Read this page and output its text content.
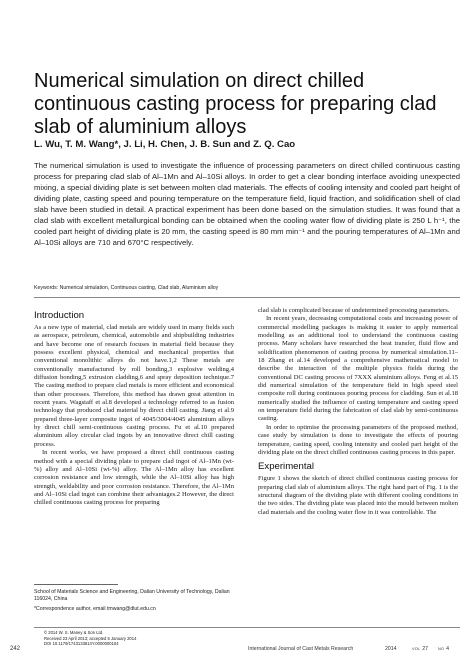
Numerical simulation on direct chilled continuous casting process for preparing clad slab of aluminium alloys

L. Wu, T. M. Wang*, J. Li, H. Chen, J. B. Sun and Z. Q. Cao

The numerical simulation is used to investigate the influence of processing parameters on direct chilled continuous casting process for preparing clad slab of Al–1Mn and Al–10Si alloys. In order to get a clear bonding interface avoiding unexpected mixing, a special dividing plate is set between molten clad materials. The effects of cooling intensity and cooled part height of dividing plate, casting speed and pouring temperature on the temperature field, liquid fraction, and solidification shell of clad slab have been studied in detail. A practical experiment has been done based on the simulation studies. It was found that a clad slab with excellent metallurgical bonding can be obtained when the cooling water flow of dividing plate is 250 L h⁻¹, the cooled part height of dividing plate is 20 mm, the casting speed is 80 mm min⁻¹ and the pouring temperatures of Al–1Mn and Al–10Si alloys are 710 and 670°C respectively.

Keywords: Numerical simulation, Continuous casting, Clad slab, Aluminium alloy

Introduction

As a new type of material, clad metals are widely used in many fields such as aerospace, petroleum, chemical, automobile and shipbuilding industries and have become one of research focuses in material field because they possess excellent physical, chemical and mechanical properties that conventional monolithic alloys do not have.1,2 These metals are conventionally manufactured by roll bonding,3 explosive welding,4 diffusion bonding,5 extrusion cladding,6 and spray deposition technique.7 The casting method to prepare clad metals is more efficient and economical than other processes. Therefore, this method has drawn great attention in recent years. Wagstaff et al.8 developed a technology referred to as fusion technology that produced clad material by direct chill casting. Jiang et al.9 prepared three-layer composite ingot of 4045/3004/4045 aluminium alloys by direct chill semi-continuous casting process. Fu et al.10 prepared aluminium alloy circular clad ingots by an innovative direct chill casting process.

In recent works, we have proposed a direct chill continuous casting method with a special dividing plate to prepare clad ingot of Al–1Mn (wt-%) alloy and Al–10Si (wt-%) alloy. The Al–1Mn alloy has excellent corrosion resistance and low strength, while the Al–10Si alloy has high strength, weldability and poor corrosion resistance. Therefore, the Al–1Mn and Al–10Si clad ingot can combine their advantages.2 However, the direct chilled continuous casting process for preparing

clad slab is complicated because of undetermined processing parameters.

In recent years, decreasing computational costs and increasing power of commercial modelling packages is making it easier to apply numerical modelling as an additional tool to understand the continuous casting process. Many scholars have researched the heat transfer, fluid flow and solidification phenomenon of casting process by numerical simulation.11–18 Zhang et al.14 developed a comprehensive mathematical model to describe the interaction of the multiple physics fields during the conventional DC casting process of 7XXX aluminium alloys. Feng et al.15 did numerical simulation of the temperature field in high speed steel composite roll during continuous pouring process for cladding. Sun et al.18 numerically studied the influence of casting temperature and casting speed on temperature field during the fabrication of clad slab by semi-continuous casting.

In order to optimise the processing parameters of the proposed method, case study by simulation is done to investigate the effects of pouring temperature, casting speed, cooling intensity and cooled part height of the dividing plate on the direct chilled continuous casting process in this paper.

Experimental

Figure 1 shows the sketch of direct chilled continuous casting process for preparing clad slab of aluminium alloys. The right hand part of Fig. 1 is the structural diagram of the dividing plate with different cooling conditions in the two sides. The dividing plate was placed into the mould between molten clad materials and the cooling water flow in it was controllable. The

School of Materials Science and Engineering, Dalian University of Technology, Dalian 116024, China
*Correspondence author, email tmwang@dlut.edu.cn
© 2014 W. S. Maney & Son Ltd.
Received 23 April 2013; accepted 5 January 2014
DOI 10.1179/1743133614Y.0000000104
242	International Journal of Cast Metals Research	2014	VOL 27	NO 4
